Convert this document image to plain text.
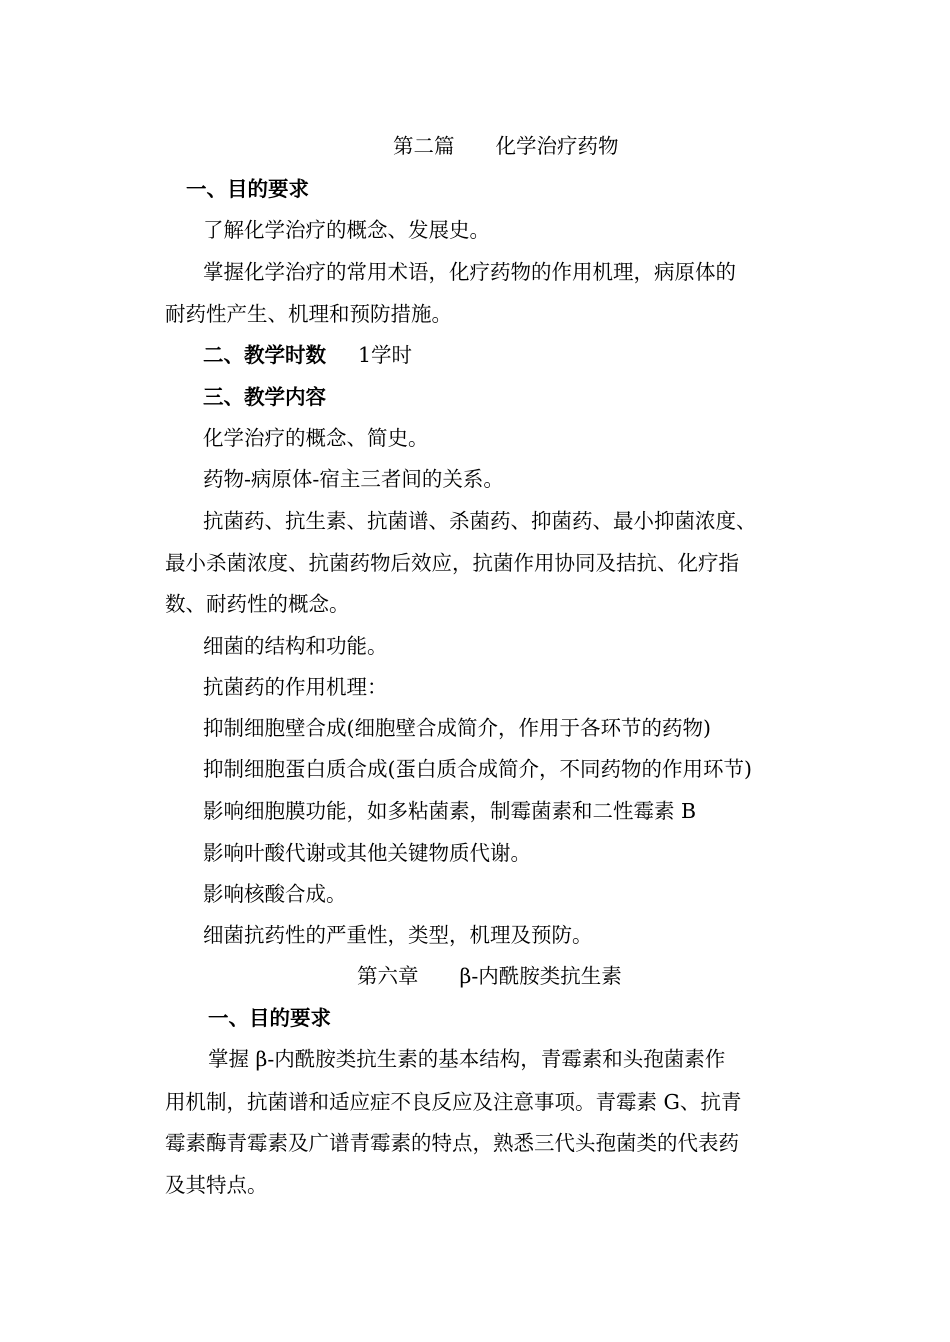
第二篇　　化学治疗药物

一、目的要求

了解化学治疗的概念、发展史。

掌握化学治疗的常用术语，化疗药物的作用机理，病原体的

耐药性产生、机理和预防措施。

二、教学时数 1学时

三、教学内容

化学治疗的概念、简史。

药物-病原体-宿主三者间的关系。

抗菌药、抗生素、抗菌谱、杀菌药、抑菌药、最小抑菌浓度、

最小杀菌浓度、抗菌药物后效应，抗菌作用协同及拮抗、化疗指

数、耐药性的概念。

细菌的结构和功能。

抗菌药的作用机理：

抑制细胞壁合成(细胞壁合成简介，作用于各环节的药物)

抑制细胞蛋白质合成(蛋白质合成简介，不同药物的作用环节)

影响细胞膜功能，如多粘菌素，制霉菌素和二性霉素 B

影响叶酸代谢或其他关键物质代谢。

影响核酸合成。

细菌抗药性的严重性，类型，机理及预防。

第六章　　β-内酰胺类抗生素

一、目的要求

掌握 β-内酰胺类抗生素的基本结构，青霉素和头孢菌素作

用机制，抗菌谱和适应症不良反应及注意事项。青霉素 G、抗青

霉素酶青霉素及广谱青霉素的特点，熟悉三代头孢菌类的代表药

及其特点。
